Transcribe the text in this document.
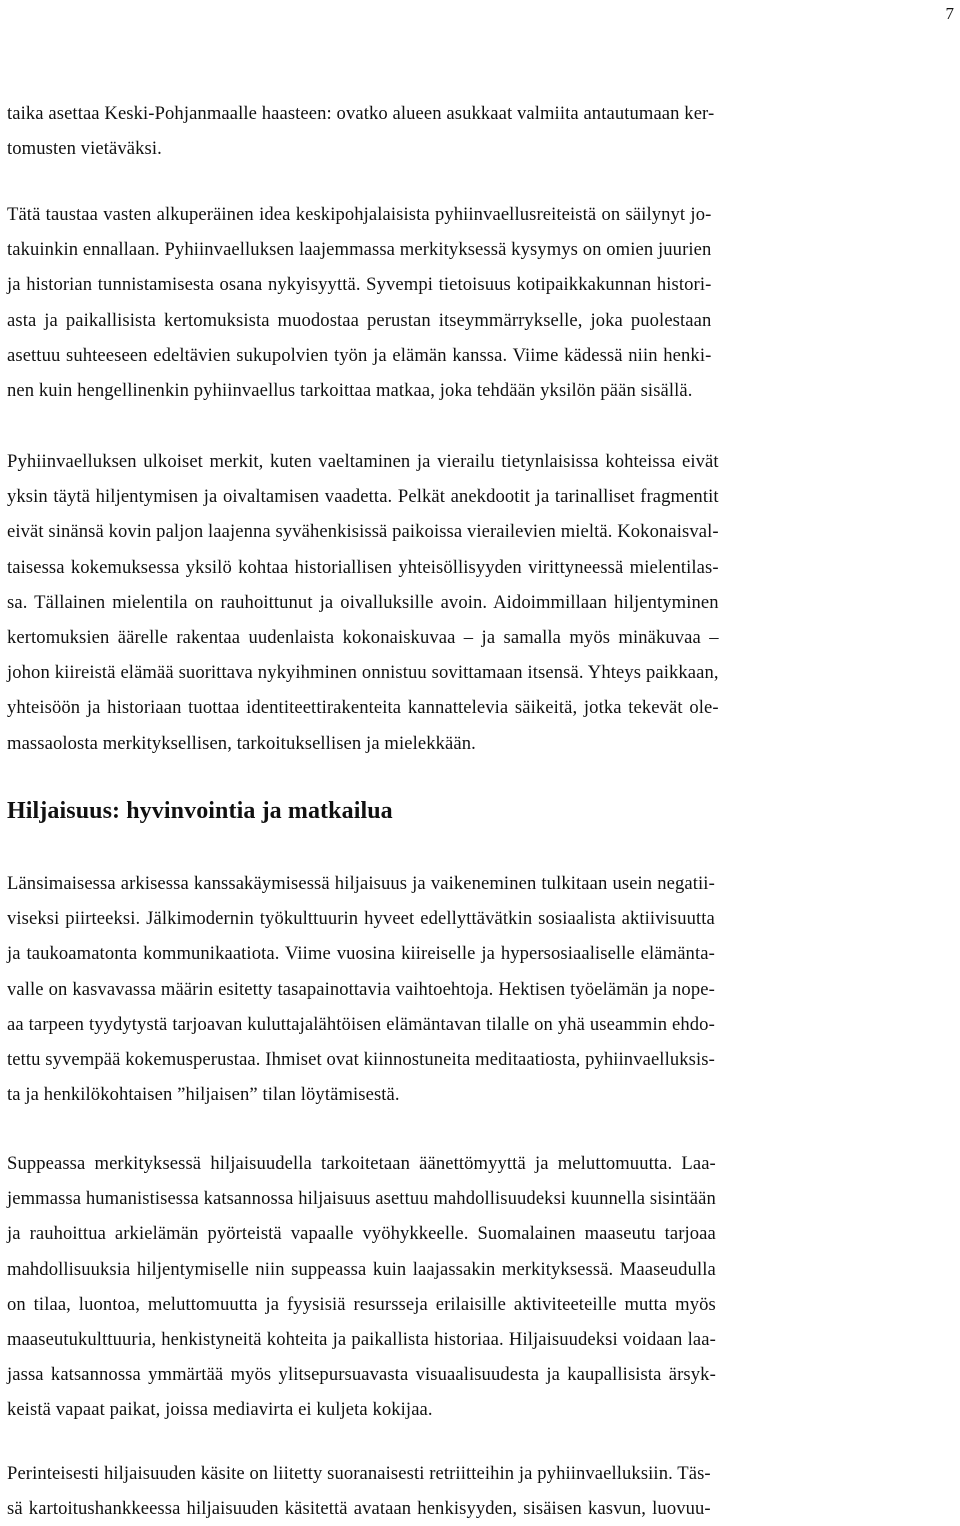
7

taika asettaa Keski-Pohjanmaalle haasteen: ovatko alueen asukkaat valmiita antautumaan ker-
tomusten vietäväksi.

Tätä taustaa vasten alkuperäinen idea keskipohjalaisista pyhiinvaellusreiteistä on säilynyt jo-
takuinkin ennallaan. Pyhiinvaelluksen laajemmassa merkityksessä kysymys on omien juurien
ja historian tunnistamisesta osana nykyisyyttä. Syvempi tietoisuus kotipaikkakunnan histori-
asta ja paikallisista kertomuksista muodostaa perustan itseymmärrykselle, joka puolestaan
asettuu suhteeseen edeltävien sukupolvien työn ja elämän kanssa. Viime kädessä niin henki-
nen kuin hengellinenkin pyhiinvaellus tarkoittaa matkaa, joka tehdään yksilön pään sisällä.

Pyhiinvaelluksen ulkoiset merkit, kuten vaeltaminen ja vierailu tietynlaisissa kohteissa eivät
yksin täytä hiljentymisen ja oivaltamisen vaadetta. Pelkät anekdootit ja tarinalliset fragmentit
eivät sinänsä kovin paljon laajenna syvähenkisissä paikoissa vierailevien mieltä. Kokonaisval-
taisessa kokemuksessa yksilö kohtaa historiallisen yhteisöllisyyden virittyneessä mielentilas-
sa. Tällainen mielentila on rauhoittunut ja oivalluksille avoin. Aidoimmillaan hiljentyminen
kertomuksien äärelle rakentaa uudenlaista kokonaiskuvaa – ja samalla myös minäkuvaa –
johon kiireistä elämää suorittava nykyihminen onnistuu sovittamaan itsensä. Yhteys paikkaan,
yhteisöön ja historiaan tuottaa identiteettirakenteita kannattelevia säikeitä, jotka tekevät ole-
massaolosta merkityksellisen, tarkoituksellisen ja mielekkään.

Hiljaisuus: hyvinvointia ja matkailua

Länsimaisessa arkisessa kanssakäymisessä hiljaisuus ja vaikeneminen tulkitaan usein negatii-
viseksi piirteeksi. Jälkimodernin työkulttuurin hyveet edellyttävätkin sosiaalista aktiivisuutta
ja taukoamatonta kommunikaatiota. Viime vuosina kiireiselle ja hypersosiaaliselle elämänta-
valle on kasvavassa määrin esitetty tasapainottavia vaihtoehtoja. Hektisen työelämän ja nope-
aa tarpeen tyydytystä tarjoavan kuluttajalähtöisen elämäntavan tilalle on yhä useammin ehdo-
tettu syvempää kokemusperustaa. Ihmiset ovat kiinnostuneita meditaatiosta, pyhiinvaelluksis-
ta ja henkilökohtaisen ”hiljaisen” tilan löytämisestä.

Suppeassa merkityksessä hiljaisuudella tarkoitetaan äänettömyyttä ja meluttomuutta. Laa-
jemmassa humanistisessa katsannossa hiljaisuus asettuu mahdollisuudeksi kuunnella sisintään
ja rauhoittua arkielämän pyörteistä vapaalle vyöhykkeelle. Suomalainen maaseutu tarjoaa
mahdollisuuksia hiljentymiselle niin suppeassa kuin laajassakin merkityksessä. Maaseudulla
on tilaa, luontoa, meluttomuutta ja fyysisiä resursseja erilaisille aktiviteeteille mutta myös
maaseutukulttuuria, henkistyneitä kohteita ja paikallista historiaa. Hiljaisuudeksi voidaan laa-
jassa katsannossa ymmärtää myös ylitsepursuavasta visuaalisuudesta ja kaupallisista ärsyk-
keistä vapaat paikat, joissa mediavirta ei kuljeta kokijaa.

Perinteisesti hiljaisuuden käsite on liitetty suoranaisesti retriitteihin ja pyhiinvaelluksiin. Täs-
sä kartoitushankkeessa hiljaisuuden käsitettä avataan henkisyyden, sisäisen kasvun, luovuu-
